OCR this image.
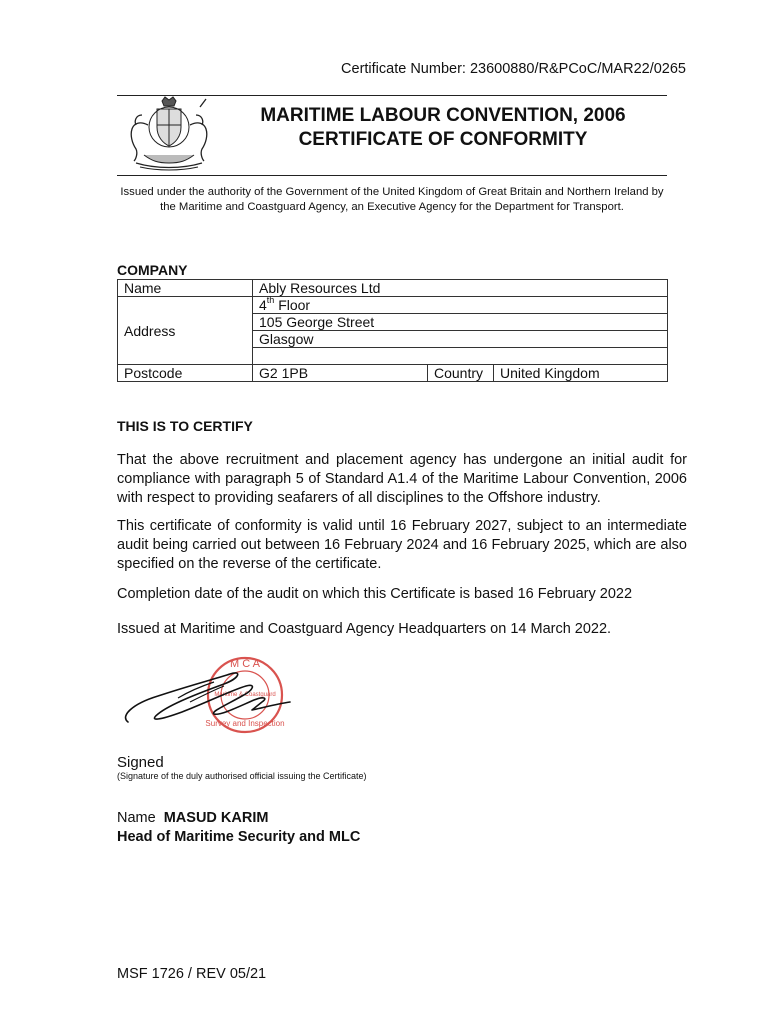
Certificate Number: 23600880/R&PCoC/MAR22/0265
MARITIME LABOUR CONVENTION, 2006
CERTIFICATE OF CONFORMITY
Issued under the authority of the Government of the United Kingdom of Great Britain and Northern Ireland by the Maritime and Coastguard Agency, an Executive Agency for the Department for Transport.
COMPANY
Name	Ably Resources Ltd		
Address	4th Floor		
	105 George Street		
	Glasgow		

Postcode	G2 1PB	Country	United Kingdom
THIS IS TO CERTIFY
That the above recruitment and placement agency has undergone an initial audit for compliance with paragraph 5 of Standard A1.4 of the Maritime Labour Convention, 2006 with respect to providing seafarers of all disciplines to the Offshore industry.
This certificate of conformity is valid until 16 February 2027, subject to an intermediate audit being carried out between 16 February 2024 and 16 February 2025, which are also specified on the reverse of the certificate.
Completion date of the audit on which this Certificate is based 16 February 2022
Issued at Maritime and Coastguard Agency Headquarters on 14 March 2022.
M C A
Maritime & Coastguard
Survey and Inspection
Signed
(Signature of the duly authorised official issuing the Certificate)
Name MASUD KARIM
Head of Maritime Security and MLC
MSF 1726 / REV 05/21
